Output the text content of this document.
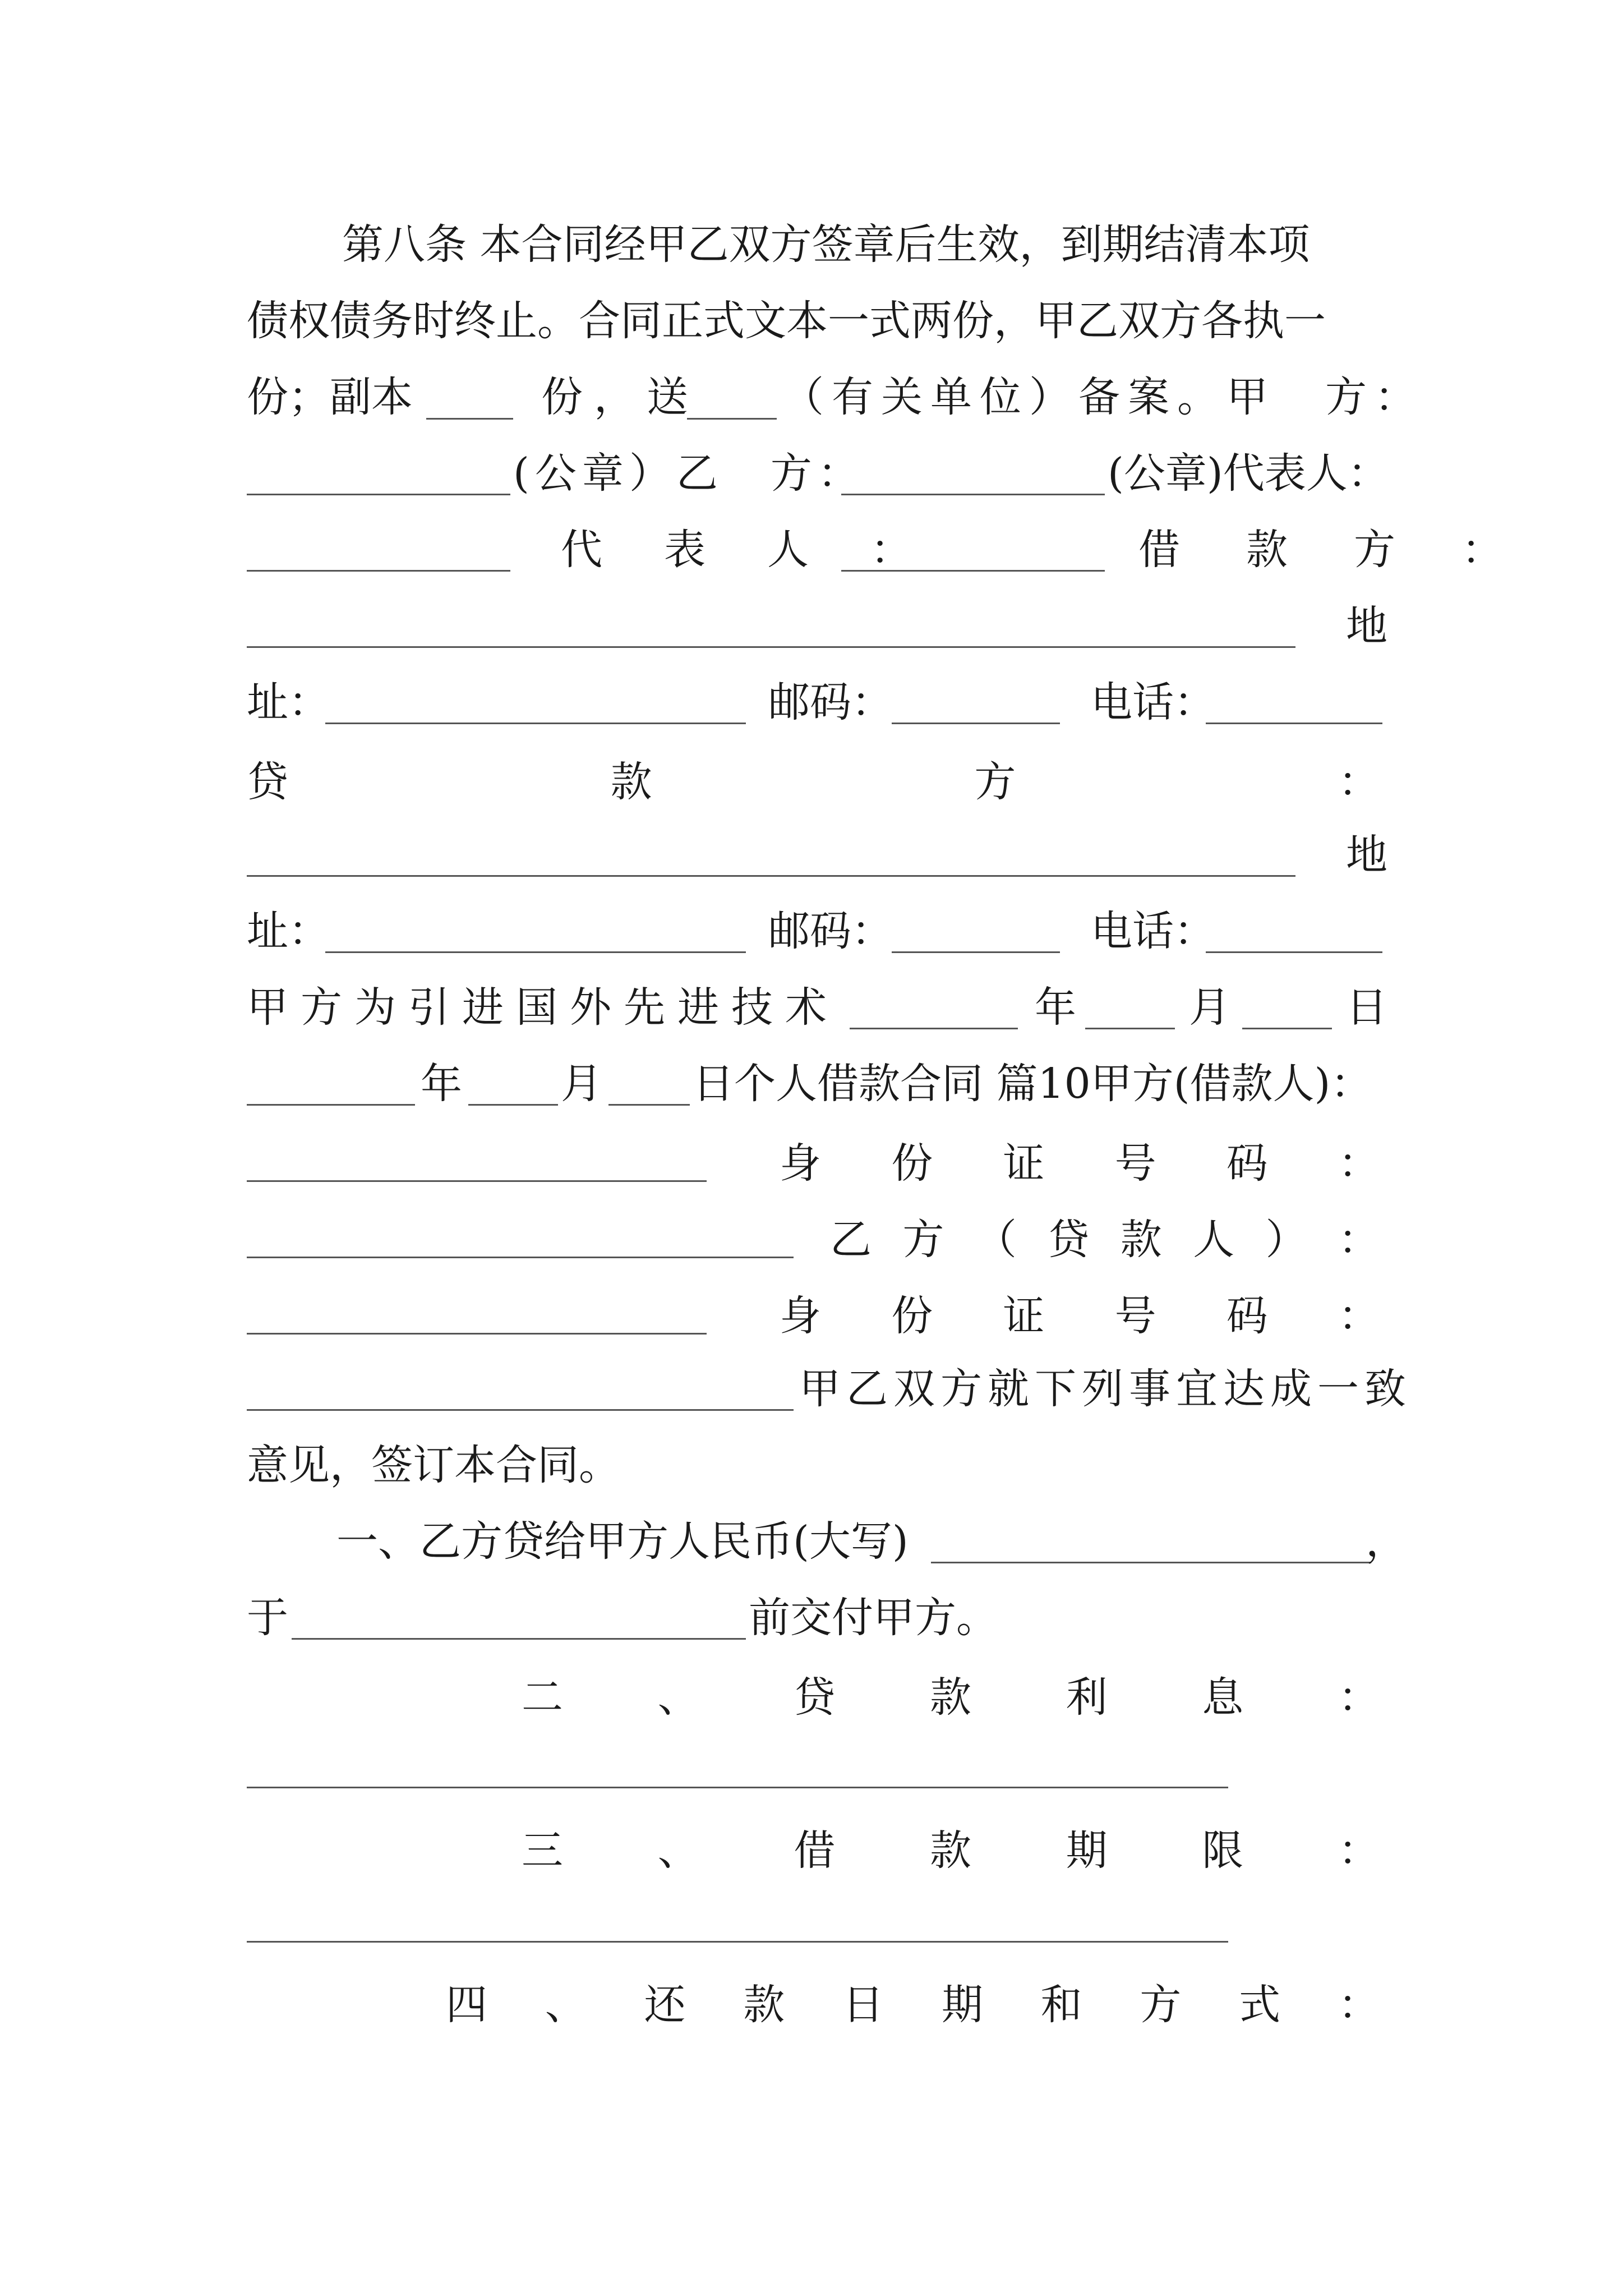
第八条 本合同经甲乙双方签章后生效，到期结清本项
债权债务时终止。合同正式文本一式两份，甲乙双方各执一
份；副本	份，送 （有关单位）备案。甲　方：
(公章）乙　方：	(公章)代表人：
代　表　人　：	借　款　方　：
地
址：	邮码：	电话：
贷	款	方	：
地
址：	邮码：	电话：
甲方为引进国外先进技术	年	月	日
年 月 日个人借款合同 篇10甲方(借款人)：
身 份 证 号 码 ：
乙 方 （ 贷 款 人 ） ：
身 份 证 号 码 ：
甲乙双方就下列事宜达成一致
意见，签订本合同。
一、乙方贷给甲方人民币(大写)	，
于	前交付甲方。
二 、 贷 款 利 息 ：
三 、 借 款 期 限 ：
四 、 还 款 日 期 和 方 式 ：
